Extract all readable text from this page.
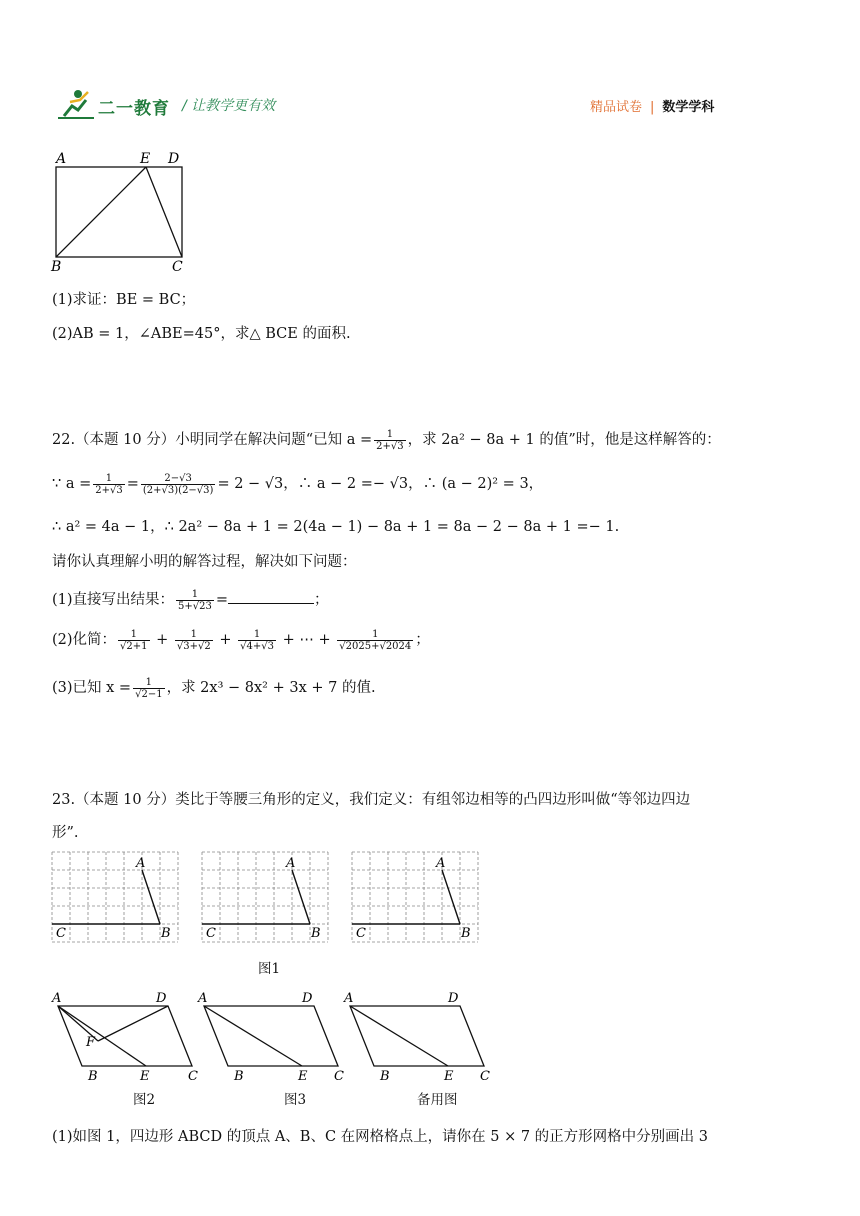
二一教育 / 让教学更有效	精品试卷 | 数学学科
A	E D
B	C
(1)求证：BE = BC；
(2)AB = 1，∠ABE=45°，求△ BCE 的面积.
22.（本题 10 分）小明同学在解决问题“已知 $a = \frac{1}{2+√3}$ ，求 2a² − 8a + 1 的值”时，他是这样解答的：
∵ $a = \frac{1}{2+√3} = \frac{2-√3}{(2+√3)(2-√3)} = 2 - √3$，∴ a − 2 =− √3，∴ (a − 2)² = 3，
∴ a² = 4a − 1，∴ 2a² − 8a + 1 = 2(4a − 1) − 8a + 1 = 8a − 2 − 8a + 1 =− 1.
请你认真理解小明的解答过程，解决如下问题：
(1)直接写出结果： $\frac{1}{5+√23}$ =	；
(2)化简： $\frac{1}{√2+1} + \frac{1}{√3+√2} + \frac{1}{√4+√3}$ + ⋯ + $\frac{1}{√2025+√2024}$ ；
(3)已知 $x = \frac{1}{√2-1}$ ，求 2x³ − 8x² + 3x + 7 的值.
23.（本题 10 分）类比于等腰三角形的定义，我们定义：有组邻边相等的凸四边形叫做“等邻边四边
形”.
A
B
C
A
B
C
A
B
C
图1
A	D
F
B	E	C
A	D
B	E C
A	D
B	E C
图2	图3	备用图
(1)如图 1，四边形 ABCD 的顶点 A、B、C 在网格格点上，请你在 5 × 7 的正方形网格中分别画出 3
